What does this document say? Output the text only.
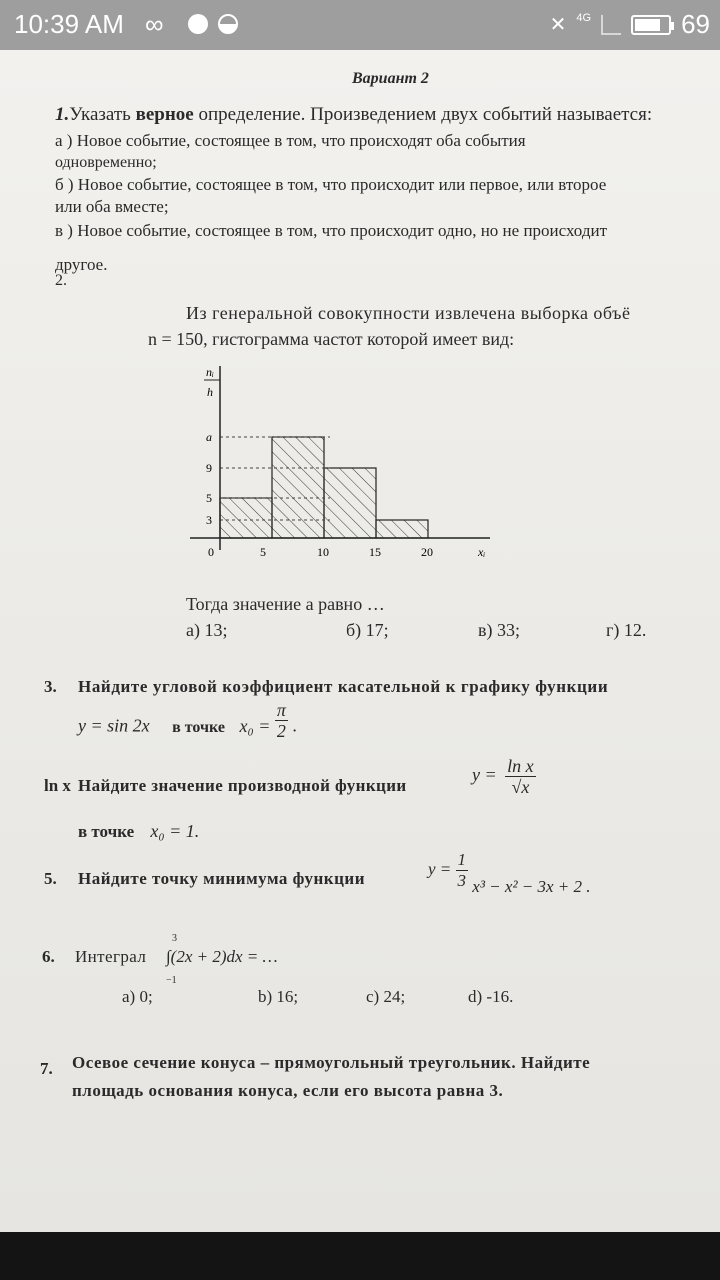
10:39 AM ∞	✕ 4G	69
Вариант 2
1.Указать верное определение. Произведением двух событий называется:
а ) Новое событие, состоящее в том, что происходят оба события
одновременно;
б ) Новое событие, состоящее в том, что происходит или первое, или второе
или оба вместе;
в ) Новое событие, состоящее в том, что происходит одно, но не происходит
другое.
2.
Из генеральной совокупности извлечена выборка объё
n = 150, гистограмма частот которой имеет вид:
0	5	10	15	20
3
5
9
a
nᵢ
h
xᵢ
Тогда значение а равно …
а) 13;	б) 17;	в) 33;	г) 12.
3. Найдите угловой коэффициент касательной к графику функции
y = sin 2x в точке $x_0 = \frac{\pi}{2}$ .
ln x Найдите значение производной функции
$y = \frac{\text{ln x}}{√x}$
в точке x₀ = 1.
5. Найдите точку минимума функции
$y = \frac{1}{3} x^3 - x^2 - 3x + 2$ .
6. Интеграл ∫(2x + 2)dx = …
3
−1
a) 0;	b) 16;	c) 24;	d) -16.
7. Осевое сечение конуса – прямоугольный треугольник. Найдите
площадь основания конуса, если его высота равна 3.
